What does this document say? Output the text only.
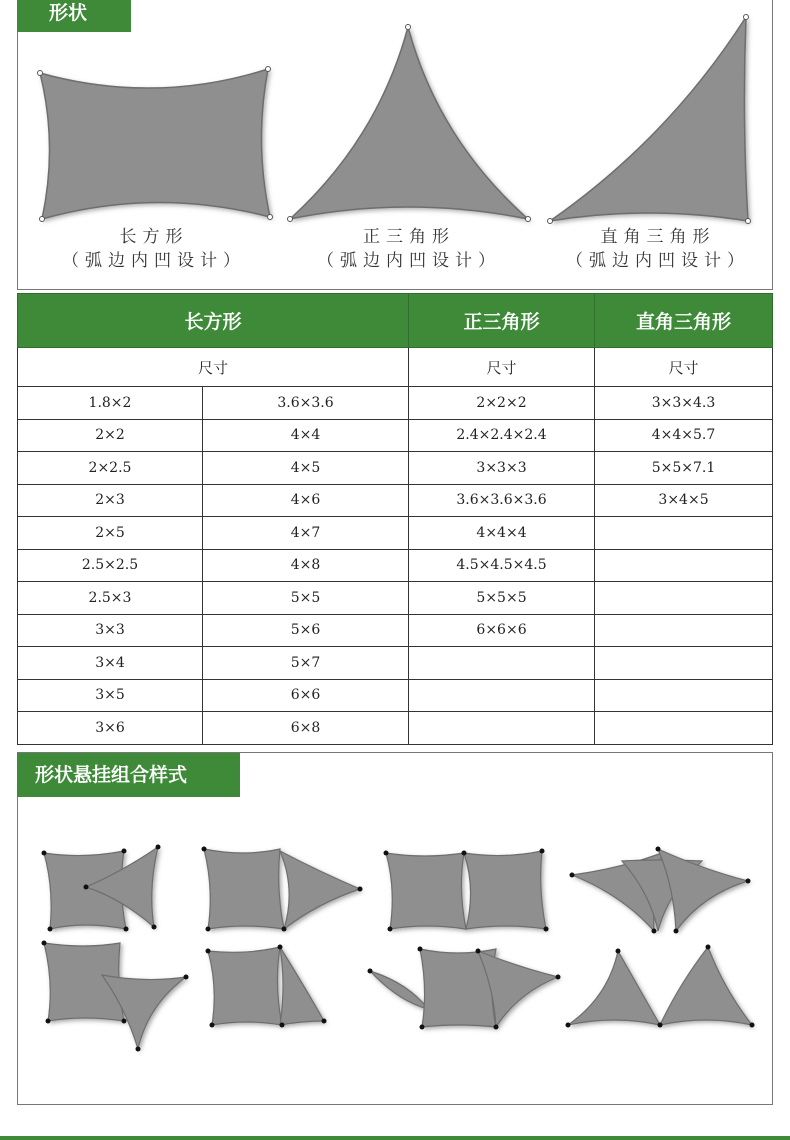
形状
长方形
（弧边内凹设计）
正三角形
（弧边内凹设计）
直角三角形
（弧边内凹设计）
长方形		正三角形	直角三角形
尺寸		尺寸	尺寸
1.8×2	3.6×3.6	2×2×2	3×3×4.3
2×2	4×4	2.4×2.4×2.4	4×4×5.7
2×2.5	4×5	3×3×3	5×5×7.1
2×3	4×6	3.6×3.6×3.6	3×4×5
2×5	4×7	4×4×4	
2.5×2.5	4×8	4.5×4.5×4.5	
2.5×3	5×5	5×5×5	
3×3	5×6	6×6×6	
3×4	5×7		
3×5	6×6		
3×6	6×8		
形状悬挂组合样式
